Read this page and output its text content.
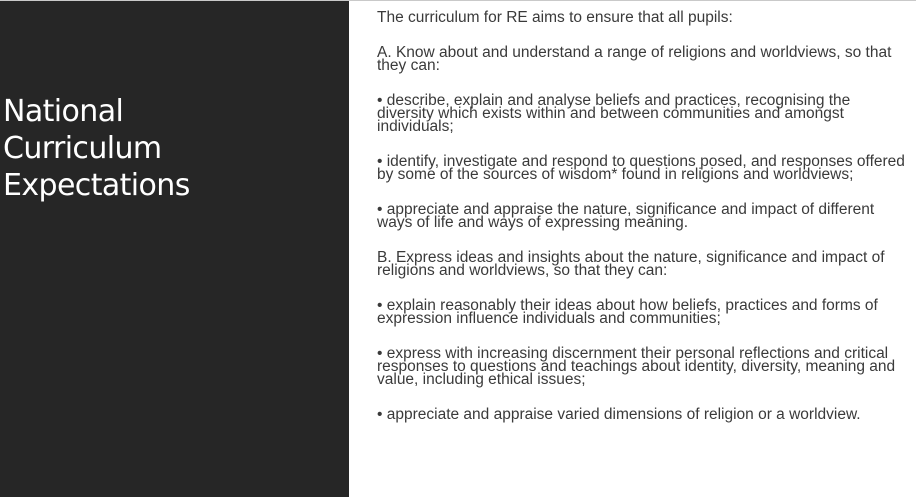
National
Curriculum
Expectations

The curriculum for RE aims to ensure that all pupils:

A. Know about and understand a range of religions and worldviews, so that they can:

• describe, explain and analyse beliefs and practices, recognising the diversity which exists within and between communities and amongst individuals;

• identify, investigate and respond to questions posed, and responses offered by some of the sources of wisdom* found in religions and worldviews;

• appreciate and appraise the nature, significance and impact of different ways of life and ways of expressing meaning.

B. Express ideas and insights about the nature, significance and impact of religions and worldviews, so that they can:

• explain reasonably their ideas about how beliefs, practices and forms of expression influence individuals and communities;

• express with increasing discernment their personal reflections and critical responses to questions and teachings about identity, diversity, meaning and value, including ethical issues;

• appreciate and appraise varied dimensions of religion or a worldview.
